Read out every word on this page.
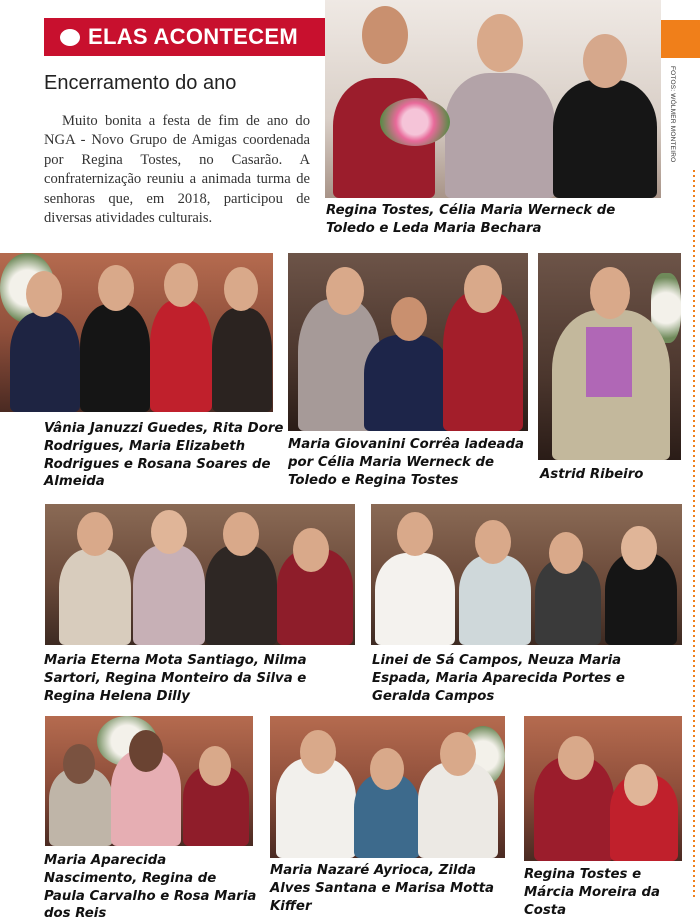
ELAS ACONTECEM
Encerramento do ano
Muito bonita a festa de fim de ano do NGA - Novo Grupo de Amigas coordenada por Regina Tostes, no Casarão. A confraternização reuniu a animada turma de senhoras que, em 2018, participou de diversas atividades culturais.
FOTOS: WÓLMER MONTEIRO
Regina Tostes, Célia Maria Werneck de Toledo e Leda Maria Bechara
Vânia Januzzi Guedes, Rita Dore Rodrigues, Maria Elizabeth Rodrigues e Rosana Soares de Almeida
Maria Giovanini Corrêa ladeada por Célia Maria Werneck de Toledo e Regina Tostes	Astrid Ribeiro
Maria Eterna Mota Santiago, Nilma Sartori, Regina Monteiro da Silva e Regina Helena Dilly
Linei de Sá Campos, Neuza Maria Espada, Maria Aparecida Portes e Geralda Campos
Maria Aparecida Nascimento, Regina de Paula Carvalho e Rosa Maria dos Reis
Maria Nazaré Ayrioca, Zilda Alves Santana e Marisa Motta Kiffer
Regina Tostes e Márcia Moreira da Costa
